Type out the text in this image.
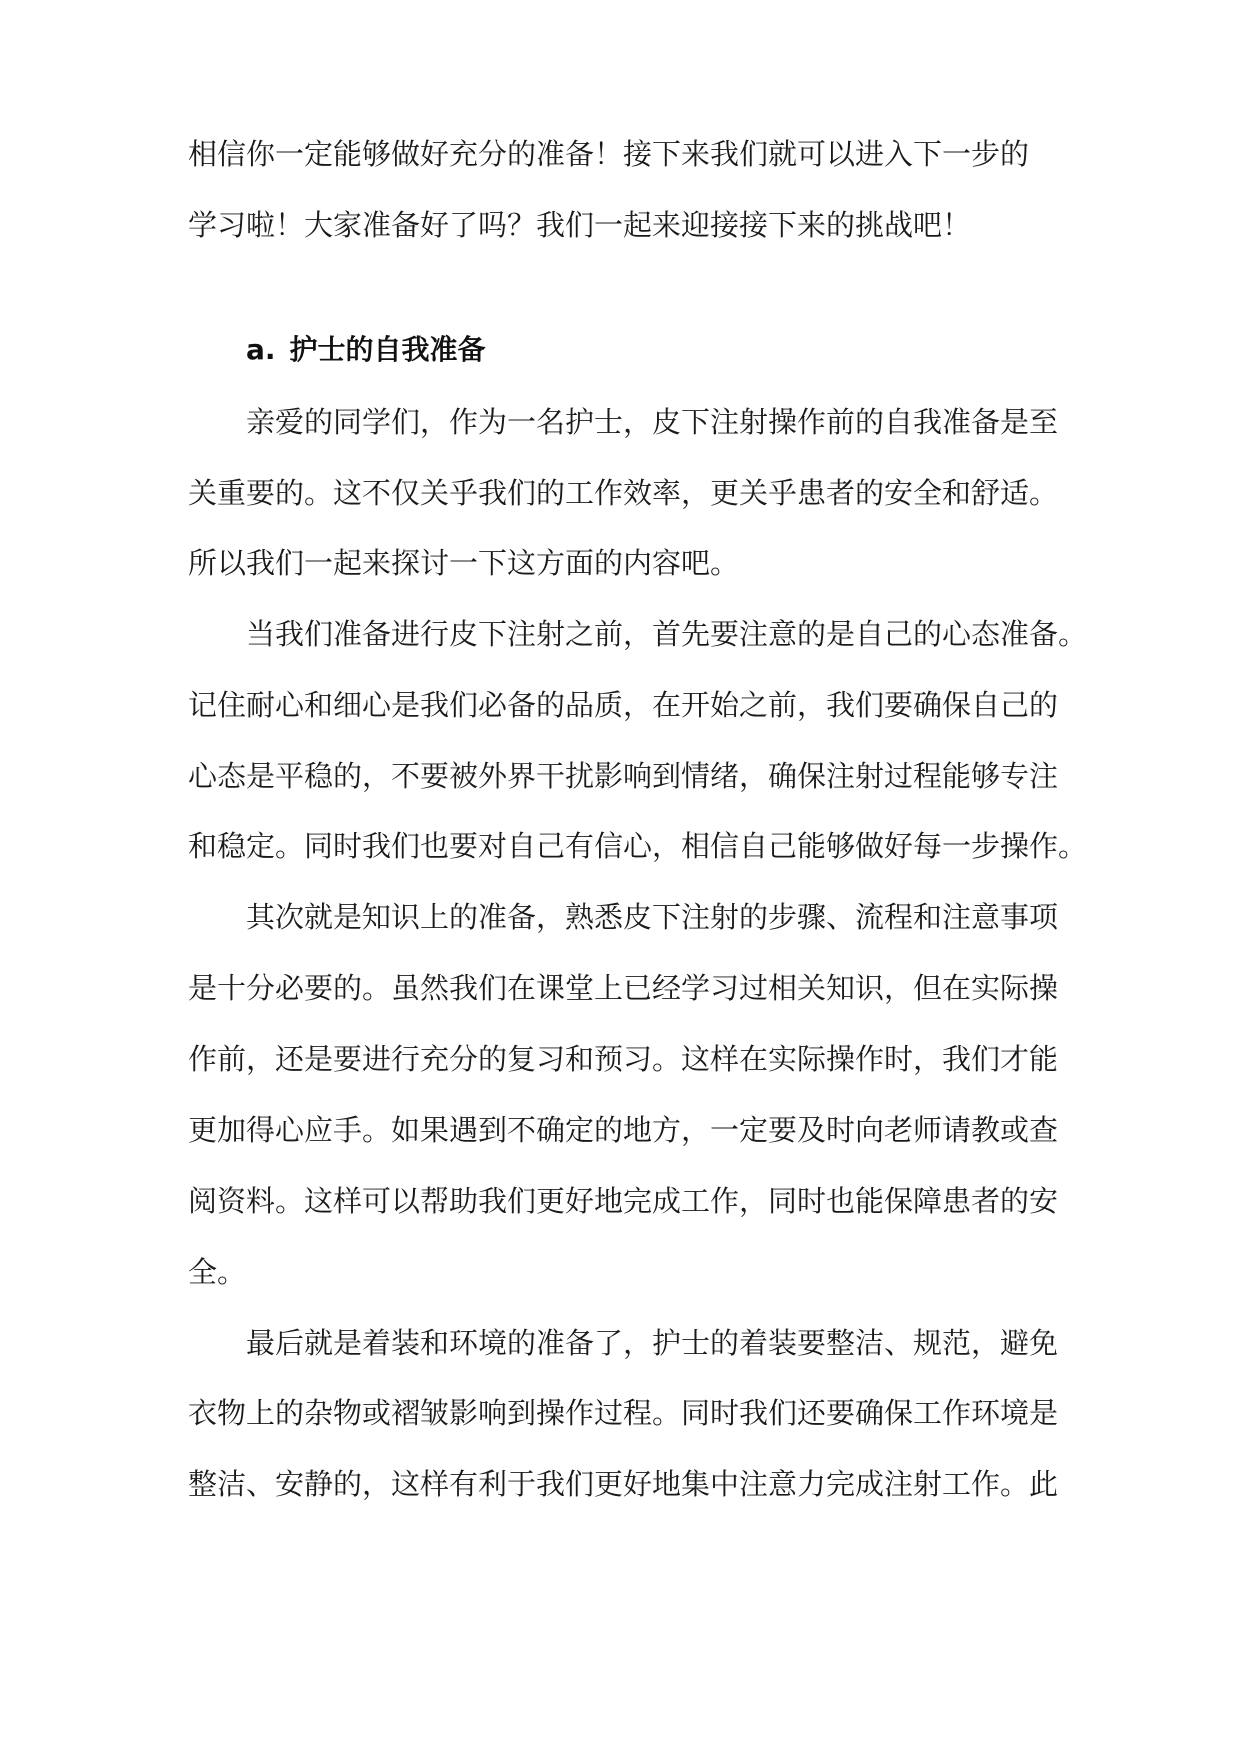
相信你一定能够做好充分的准备！接下来我们就可以进入下一步的
学习啦！大家准备好了吗？我们一起来迎接接下来的挑战吧！
a. 护士的自我准备
亲爱的同学们，作为一名护士，皮下注射操作前的自我准备是至
关重要的。这不仅关乎我们的工作效率，更关乎患者的安全和舒适。
所以我们一起来探讨一下这方面的内容吧。
当我们准备进行皮下注射之前，首先要注意的是自己的心态准备。
记住耐心和细心是我们必备的品质，在开始之前，我们要确保自己的
心态是平稳的，不要被外界干扰影响到情绪，确保注射过程能够专注
和稳定。同时我们也要对自己有信心，相信自己能够做好每一步操作。
其次就是知识上的准备，熟悉皮下注射的步骤、流程和注意事项
是十分必要的。虽然我们在课堂上已经学习过相关知识，但在实际操
作前，还是要进行充分的复习和预习。这样在实际操作时，我们才能
更加得心应手。如果遇到不确定的地方，一定要及时向老师请教或查
阅资料。这样可以帮助我们更好地完成工作，同时也能保障患者的安
全。
最后就是着装和环境的准备了，护士的着装要整洁、规范，避免
衣物上的杂物或褶皱影响到操作过程。同时我们还要确保工作环境是
整洁、安静的，这样有利于我们更好地集中注意力完成注射工作。此
